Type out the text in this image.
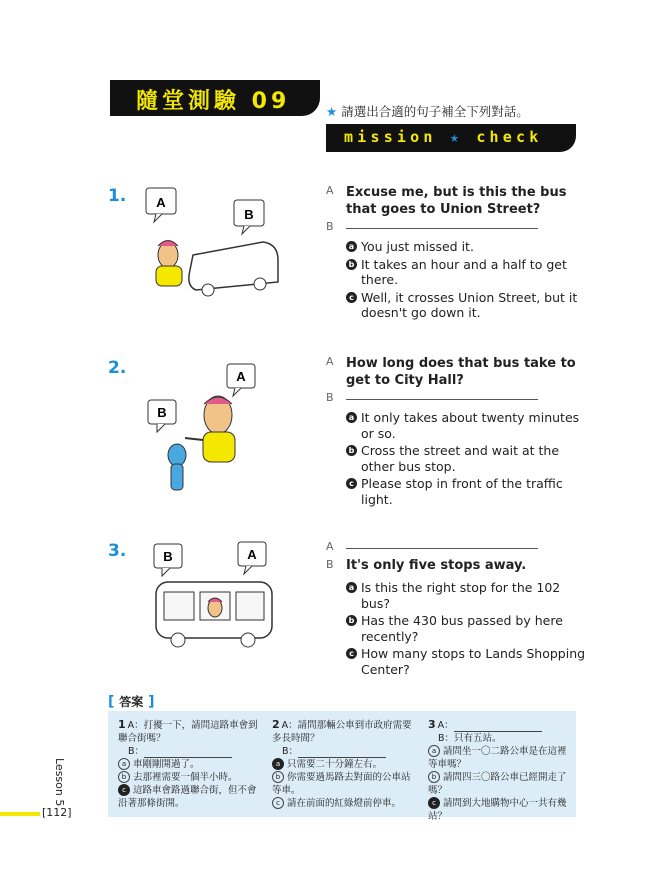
隨堂測驗 09	★ 請選出合適的句子補全下列對話。
mission ★ check
1. A
B
A Excuse me, but is this the bus that goes to Union Street?
B
a You just missed it.
b It takes an hour and a half to get there.
c Well, it crosses Union Street, but it doesn't go down it.
2.
B
A
A How long does that bus take to get to City Hall?
B
a It only takes about twenty minutes or so.
b Cross the street and wait at the other bus stop.
c Please stop in front of the traffic light.
3.	B	A
A
B It's only five stops away.
a Is this the right stop for the 102 bus?
b Has the 430 bus passed by here recently?
c How many stops to Lands Shopping Center?
[ 答案 ]
1 A：打擾一下，請問這路車會到聯合街嗎？
B：
a 車剛剛開過了。
b 去那裡需要一個半小時。
c 這路車會路過聯合街，但不會沿著那條街開。
2 A：請問那輛公車到市政府需要多長時間？
B：
a 只需要二十分鐘左右。
b 你需要過馬路去對面的公車站等車。
c 請在前面的紅綠燈前停車。
3 A：
B：只有五站。
a 請問坐一〇二路公車是在這裡等車嗎？
b 請問四三〇路公車已經開走了嗎？
c 請問到大地購物中心一共有幾站？
Lesson 5
[112]
